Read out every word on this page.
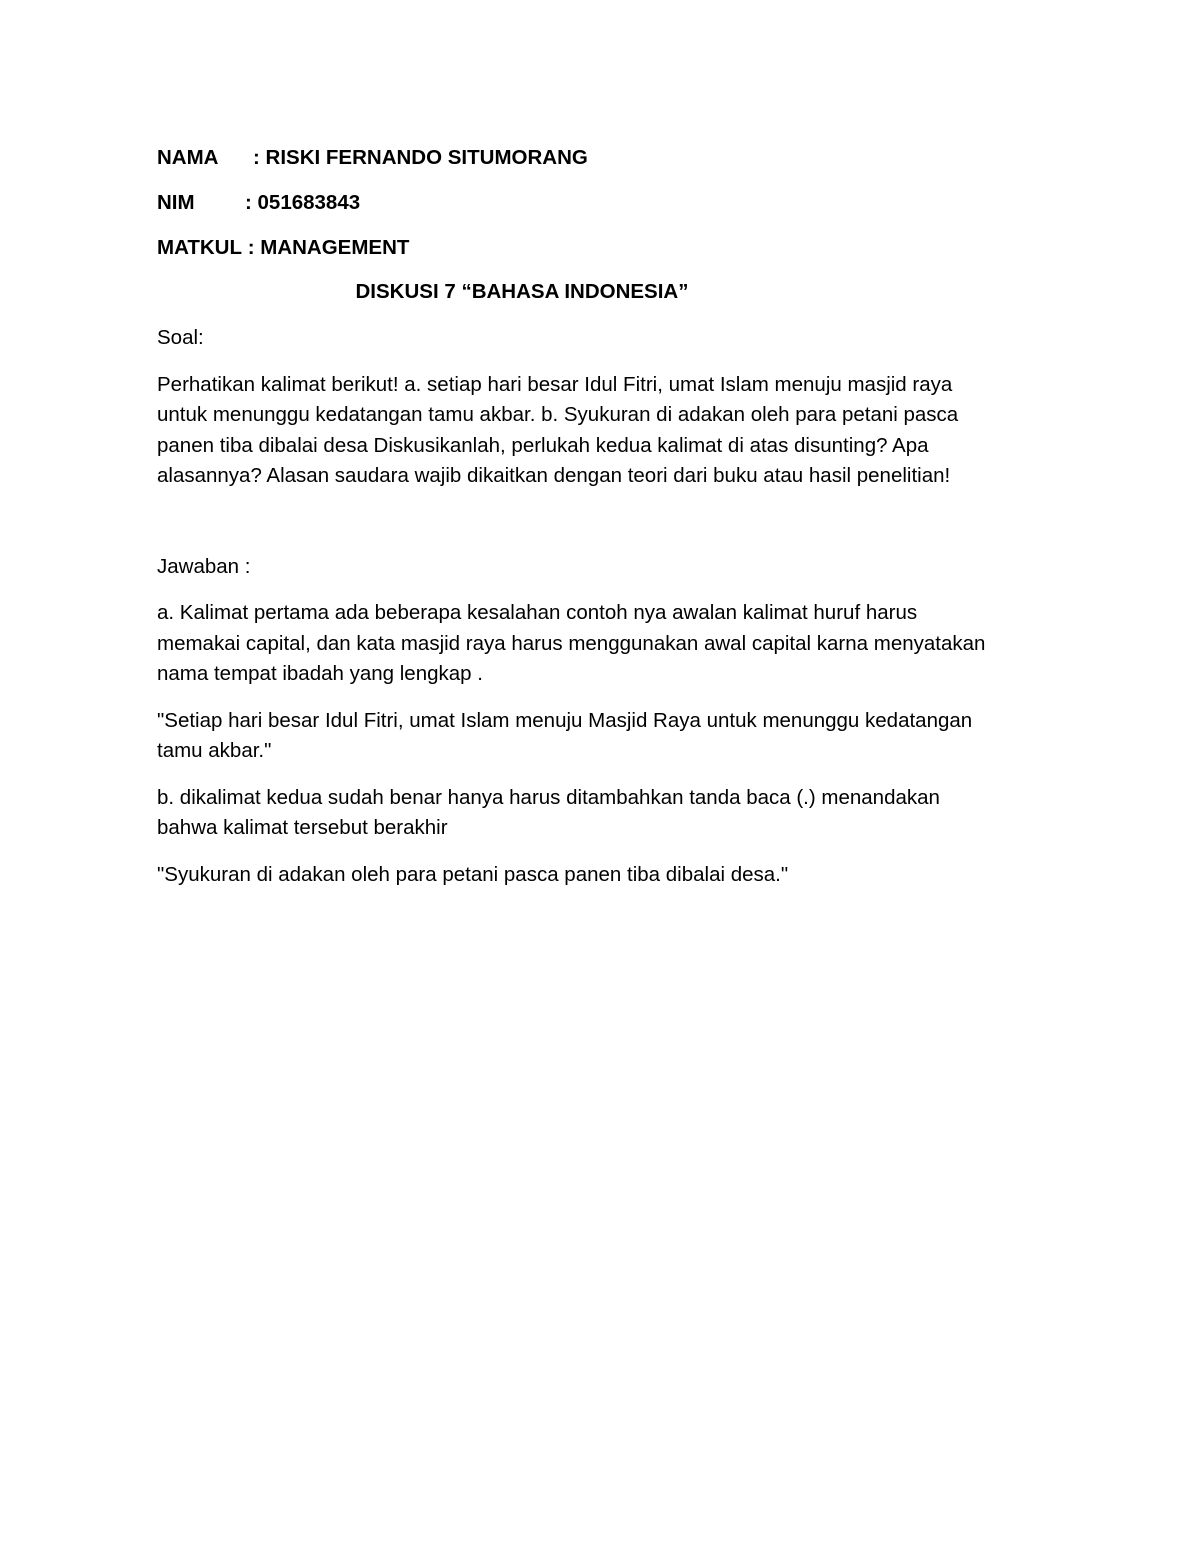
NAMA : RISKI FERNANDO SITUMORANG
NIM : 051683843
MATKUL : MANAGEMENT
DISKUSI 7 “BAHASA INDONESIA”

Soal:

Perhatikan kalimat berikut! a. setiap hari besar Idul Fitri, umat Islam menuju masjid raya
untuk menunggu kedatangan tamu akbar. b. Syukuran di adakan oleh para petani pasca
panen tiba dibalai desa Diskusikanlah, perlukah kedua kalimat di atas disunting? Apa
alasannya? Alasan saudara wajib dikaitkan dengan teori dari buku atau hasil penelitian!

Jawaban :

a. Kalimat pertama ada beberapa kesalahan contoh nya awalan kalimat huruf harus
memakai capital, dan kata masjid raya harus menggunakan awal capital karna menyatakan
nama tempat ibadah yang lengkap .

"Setiap hari besar Idul Fitri, umat Islam menuju Masjid Raya untuk menunggu kedatangan
tamu akbar."

b. dikalimat kedua sudah benar hanya harus ditambahkan tanda baca (.) menandakan
bahwa kalimat tersebut berakhir

"Syukuran di adakan oleh para petani pasca panen tiba dibalai desa."
